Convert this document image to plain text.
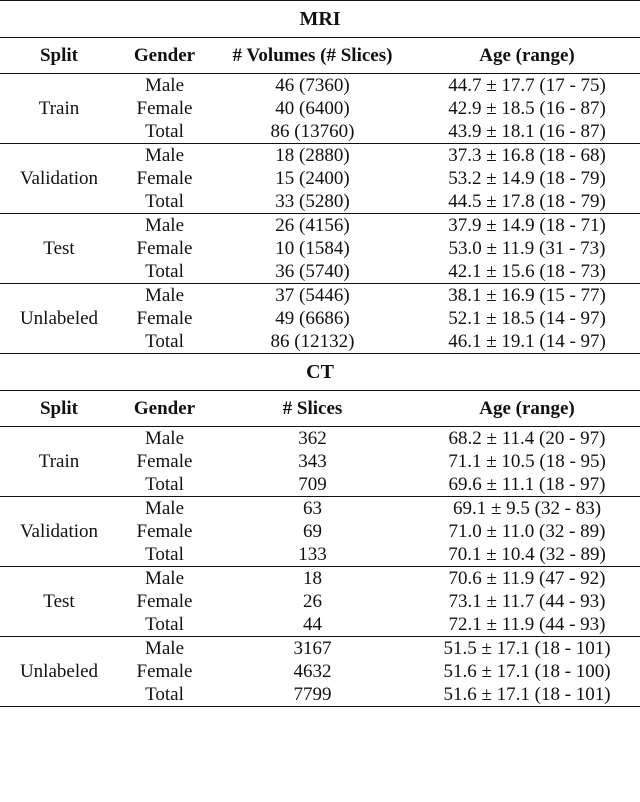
MRI			
Split	Gender	# Volumes (# Slices)	Age (range)
Train	Male	46 (7360)	44.7 ± 17.7 (17 - 75)
	Female	40 (6400)	42.9 ± 18.5 (16 - 87)
	Total	86 (13760)	43.9 ± 18.1 (16 - 87)
Validation	Male	18 (2880)	37.3 ± 16.8 (18 - 68)
	Female	15 (2400)	53.2 ± 14.9 (18 - 79)
	Total	33 (5280)	44.5 ± 17.8 (18 - 79)
Test	Male	26 (4156)	37.9 ± 14.9 (18 - 71)
	Female	10 (1584)	53.0 ± 11.9 (31 - 73)
	Total	36 (5740)	42.1 ± 15.6 (18 - 73)
Unlabeled	Male	37 (5446)	38.1 ± 16.9 (15 - 77)
	Female	49 (6686)	52.1 ± 18.5 (14 - 97)
	Total	86 (12132)	46.1 ± 19.1 (14 - 97)
CT			
Split	Gender	# Slices	Age (range)
Train	Male	362	68.2 ± 11.4 (20 - 97)
	Female	343	71.1 ± 10.5 (18 - 95)
	Total	709	69.6 ± 11.1 (18 - 97)
Validation	Male	63	69.1 ± 9.5 (32 - 83)
	Female	69	71.0 ± 11.0 (32 - 89)
	Total	133	70.1 ± 10.4 (32 - 89)
Test	Male	18	70.6 ± 11.9 (47 - 92)
	Female	26	73.1 ± 11.7 (44 - 93)
	Total	44	72.1 ± 11.9 (44 - 93)
Unlabeled	Male	3167	51.5 ± 17.1 (18 - 101)
	Female	4632	51.6 ± 17.1 (18 - 100)
	Total	7799	51.6 ± 17.1 (18 - 101)
